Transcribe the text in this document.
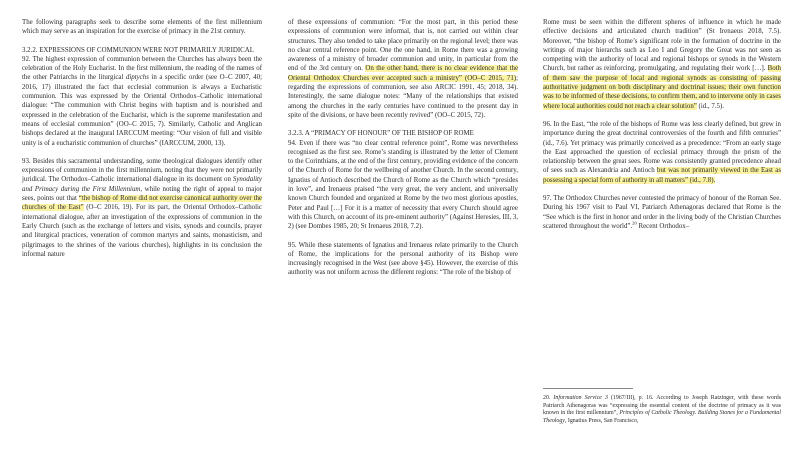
The following paragraphs seek to describe some elements of the first millennium which may serve as an inspiration for the exercise of primacy in the 21st century.

3.2.2. EXPRESSIONS OF COMMUNION WERE NOT PRIMARILY JURIDICAL

92. The highest expression of communion between the Churches has always been the celebration of the Holy Eucharist. In the first millennium, the reading of the names of the other Patriarchs in the liturgical diptychs in a specific order (see O–C 2007, 40; 2016, 17) illustrated the fact that ecclesial communion is always a Eucharistic communion. This was expressed by the Oriental Orthodox–Catholic international dialogue: “The communion with Christ begins with baptism and is nourished and expressed in the celebration of the Eucharist, which is the supreme manifestation and means of ecclesial communion” (OO–C 2015, 7). Similarly, Catholic and Anglican bishops declared at the inaugural IARCCUM meeting: “Our vision of full and visible unity is of a eucharistic communion of churches” (IARCCUM, 2000, 13).

93. Besides this sacramental understanding, some theological dialogues identify other expressions of communion in the first millennium, noting that they were not primarily juridical. The Orthodox–Catholic international dialogue in its document on Synodality and Primacy during the First Millennium, while noting the right of appeal to major sees, points out that “the bishop of Rome did not exercise canonical authority over the churches of the East” (O–C 2016, 19). For its part, the Oriental Orthodox–Catholic international dialogue, after an investigation of the expressions of communion in the Early Church (such as the exchange of letters and visits, synods and councils, prayer and liturgical practices, veneration of common martyrs and saints, monasticism, and pilgrimages to the shrines of the various churches), highlights in its conclusion the informal nature

of these expressions of communion: “For the most part, in this period these expressions of communion were informal, that is, not carried out within clear structures. They also tended to take place primarily on the regional level; there was no clear central reference point. One the one hand, in Rome there was a growing awareness of a ministry of broader communion and unity, in particular from the end of the 3rd century on. On the other hand, there is no clear evidence that the Oriental Orthodox Churches ever accepted such a ministry” (OO–C 2015, 71); regarding the expressions of communion, see also ARCIC 1991, 45; 2018, 34). Interestingly, the same dialogue notes: “Many of the relationships that existed among the churches in the early centuries have continued to the present day in spite of the divisions, or have been recently revived” (OO–C 2015, 72).

3.2.3. A “PRIMACY OF HONOUR” OF THE BISHOP OF ROME

94. Even if there was “no clear central reference point”, Rome was nevertheless recognised as the first see. Rome’s standing is illustrated by the letter of Clement to the Corinthians, at the end of the first century, providing evidence of the concern of the Church of Rome for the wellbeing of another Church. In the second century, Ignatius of Antioch described the Church of Rome as the Church which “presides in love”, and Irenaeus praised “the very great, the very ancient, and universally known Church founded and organized at Rome by the two most glorious apostles, Peter and Paul […] For it is a matter of necessity that every Church should agree with this Church, on account of its pre-eminent authority” (Against Heresies, III, 3, 2) (see Dombes 1985, 20; St Irenaeus 2018, 7.2).

95. While these statements of Ignatius and Irenaeus relate primarily to the Church of Rome, the implications for the personal authority of its Bishop were increasingly recognised in the West (see above §45). However, the exercise of this authority was not uniform across the different regions: “The role of the bishop of

Rome must be seen within the different spheres of influence in which he made effective decisions and articulated church tradition” (St Irenaeus 2018, 7.5). Moreover, “the bishop of Rome’s significant role in the formation of doctrine in the writings of major hierarchs such as Leo I and Gregory the Great was not seen as competing with the authority of local and regional bishops or synods in the Western Church, but rather as reinforcing, promulgating, and regulating their work […]. Both of them saw the purpose of local and regional synods as consisting of passing authoritative judgment on both disciplinary and doctrinal issues; their own function was to be informed of these decisions, to confirm them, and to intervene only in cases where local authorities could not reach a clear solution” (id., 7.5).

96. In the East, “the role of the bishops of Rome was less clearly defined, but grew in importance during the great doctrinal controversies of the fourth and fifth centuries” (id., 7.6). Yet primacy was primarily conceived as a precedence: “From an early stage the East approached the question of ecclesial primacy through the prism of the relationship between the great sees. Rome was consistently granted precedence ahead of sees such as Alexandria and Antioch but was not primarily viewed in the East as possessing a special form of authority in all matters” (id., 7.8).

97. The Orthodox Churches never contested the primacy of honour of the Roman See. During his 1967 visit to Paul VI, Patriarch Athenagoras declared that Rome is the “See which is the first in honor and order in the living body of the Christian Churches scattered throughout the world”.$^{20}$ Recent Orthodox–

20. Information Service 3 (1967/III), p. 16. According to Joseph Ratzinger, with these words Patriarch Athenagoras was “expressing the essential content of the doctrine of primacy as it was known in the first millennium”, Principles of Catholic Theology. Building Stones for a Fundamental Theology, Ignatius Press, San Francisco,
